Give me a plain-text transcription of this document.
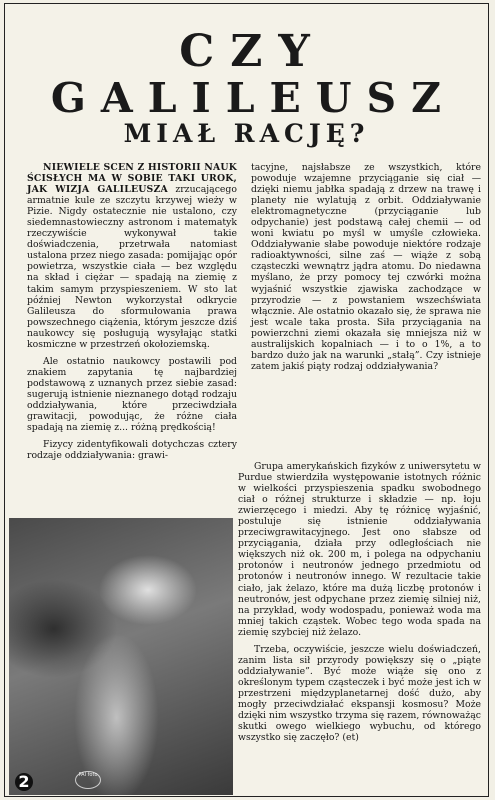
CZY
GALILEUSZ
MIAŁ RACJĘ?

NIEWIELE SCEN Z HISTORII NAUK ŚCISŁYCH MA W SOBIE TAKI UROK, JAK WIZJA GALILEUSZA zrzucającego armatnie kule ze szczytu krzywej wieży w Pizie. Nigdy ostatecznie nie ustalono, czy siedemnastowieczny astronom i matematyk rzeczywiście wykonywał takie doświadczenia, przetrwała natomiast ustalona przez niego zasada: pomijając opór powietrza, wszystkie ciała — bez względu na skład i ciężar — spadają na ziemię z takim samym przyspieszeniem. W sto lat później Newton wykorzystał odkrycie Galileusza do sformułowania prawa powszechnego ciążenia, którym jeszcze dziś naukowcy się posługują wysyłając statki kosmiczne w przestrzeń okołoziemską.

Ale ostatnio naukowcy postawili pod znakiem zapytania tę najbardziej podstawową z uznanych przez siebie zasad: sugerują istnienie nieznanego dotąd rodzaju oddziaływania, które przeciwdziała grawitacji, powodując, że różne ciała spadają na ziemię z... różną prędkością!

Fizycy zidentyfikowali dotychczas cztery rodzaje oddziaływania: grawi-

tacyjne, najsłabsze ze wszystkich, które powoduje wzajemne przyciąganie się ciał — dzięki niemu jabłka spadają z drzew na trawę i planety nie wylatują z orbit. Oddziaływanie elektromagnetyczne (przyciąganie lub odpychanie) jest podstawą całej chemii — od woni kwiatu po myśl w umyśle człowieka. Oddziaływanie słabe powoduje niektóre rodzaje radioaktywności, silne zaś — wiąże z sobą cząsteczki wewnątrz jądra atomu. Do niedawna myślano, że przy pomocy tej czwórki można wyjaśnić wszystkie zjawiska zachodzące w przyrodzie — z powstaniem wszechświata włącznie. Ale ostatnio okazało się, że sprawa nie jest wcale taka prosta. Siła przyciągania na powierzchni ziemi okazała się mniejsza niż w australijskich kopalniach — i to o 1%, a to bardzo dużo jak na warunki „stałą”. Czy istnieje zatem jakiś piąty rodzaj oddziaływania?

Grupa amerykańskich fizyków z uniwersytetu w Purdue stwierdziła występowanie istotnych różnic w wielkości przyspieszenia spadku swobodnego ciał o różnej strukturze i składzie — np. łoju zwierzęcego i miedzi. Aby tę różnicę wyjaśnić, postuluje się istnienie oddziaływania przeciwgrawitacyjnego. Jest ono słabsze od przyciągania, działa przy odległościach nie większych niż ok. 200 m, i polega na odpychaniu protonów i neutronów jednego przedmiotu od protonów i neutronów innego. W rezultacie takie ciało, jak żelazo, które ma dużą liczbę protonów i neutronów, jest odpychane przez ziemię silniej niż, na przykład, wody wodospadu, ponieważ woda ma mniej takich cząstek. Wobec tego woda spada na ziemię szybciej niż żelazo.

Trzeba, oczywiście, jeszcze wielu doświadczeń, zanim lista sił przyrody powiększy się o „piąte oddziaływanie”. Być może wiąże się ono z określonym typem cząsteczek i być może jest ich w przestrzeni międzyplanetarnej dość dużo, aby mogły przeciwdziałać ekspansji kosmosu? Może dzięki nim wszystko trzyma się razem, równoważąc skutki owego wielkiego wybuchu, od którego wszystko się zaczęło? (et)

2	PAI foto
